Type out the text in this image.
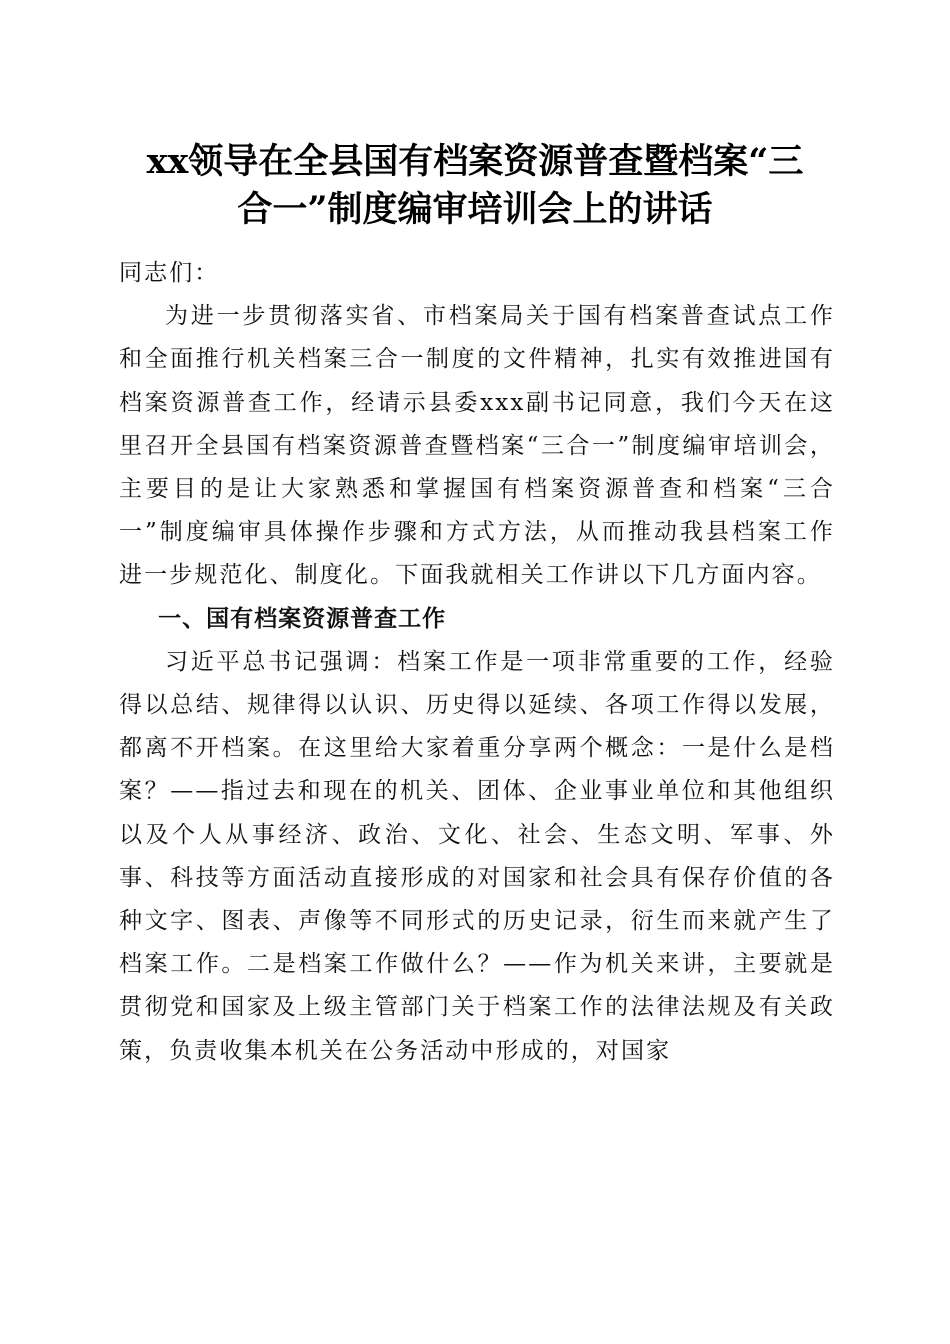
xx领导在全县国有档案资源普查暨档案“三
合一”制度编审培训会上的讲话

同志们：

为进一步贯彻落实省、市档案局关于国有档案普查试点工作和全面推行机关档案三合一制度的文件精神，扎实有效推进国有档案资源普查工作，经请示县委xxx副书记同意，我们今天在这里召开全县国有档案资源普查暨档案“三合一”制度编审培训会，主要目的是让大家熟悉和掌握国有档案资源普查和档案“三合一”制度编审具体操作步骤和方式方法，从而推动我县档案工作进一步规范化、制度化。下面我就相关工作讲以下几方面内容。

一、国有档案资源普查工作

习近平总书记强调：档案工作是一项非常重要的工作，经验得以总结、规律得以认识、历史得以延续、各项工作得以发展，都离不开档案。在这里给大家着重分享两个概念：一是什么是档案？——指过去和现在的机关、团体、企业事业单位和其他组织以及个人从事经济、政治、文化、社会、生态文明、军事、外事、科技等方面活动直接形成的对国家和社会具有保存价值的各种文字、图表、声像等不同形式的历史记录，衍生而来就产生了档案工作。二是档案工作做什么？——作为机关来讲，主要就是贯彻党和国家及上级主管部门关于档案工作的法律法规及有关政策，负责收集本机关在公务活动中形成的，对国家
